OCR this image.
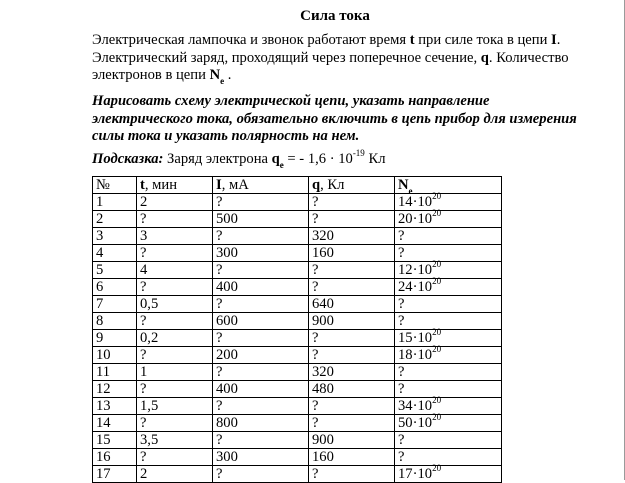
Сила тока
Электрическая лампочка и звонок работают время t при силе тока в цепи I. Электрический заряд, проходящий через поперечное сечение, q. Количество электронов в цепи $N_e$ .
Нарисовать схему электрической цепи, указать направление электрического тока, обязательно включить в цепь прибор для измерения силы тока и указать полярность на нем.
Подсказка: Заряд электрона $q_e$ = - $1,6 \cdot 10^{-19}$ Кл
№	t, мин	I, мА	q, Кл	$N_e$
1	2	?	?	$14\cdot 10^{20}$
2	?	500	?	$20\cdot 10^{20}$
3	3	?	320	?
4	?	300	160	?
5	4	?	?	$12\cdot 10^{20}$
6	?	400	?	$24\cdot 10^{20}$
7	0,5	?	640	?
8	?	600	900	?
9	0,2	?	?	$15\cdot 10^{20}$
10	?	200	?	$18\cdot 10^{20}$
11	1	?	320	?
12	?	400	480	?
13	1,5	?	?	$34\cdot 10^{20}$
14	?	800	?	$50\cdot 10^{20}$
15	3,5	?	900	?
16	?	300	160	?
17	2	?	?	$17\cdot 10^{20}$
